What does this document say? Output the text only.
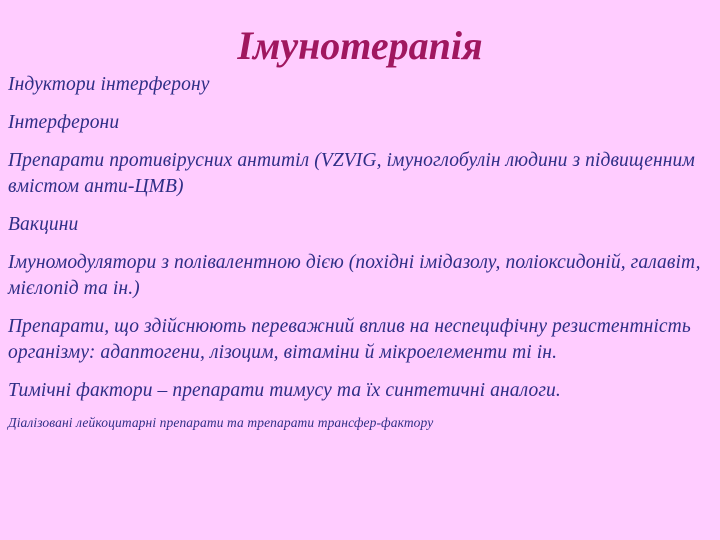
Імунотерапія
Індуктори інтерферону
Інтерферони
Препарати противірусних антитіл (VZVIG, імуноглобулін людини з підвищенним вмістом анти-ЦМВ)
Вакцини
Імуномодулятори з полівалентною дією (похідні імідазолу, поліоксидоній, галавіт, мієлопід та ін.)
Препарати, що здійснюють переважний вплив на неспецифічну резистентність організму: адаптогени, лізоцим, вітаміни й мікроелементи ті ін.
Тимічні фактори – препарати тимусу та їх синтетичні аналоги.
Діалізовані лейкоцитарні препарати та трепарати трансфер-фактору
